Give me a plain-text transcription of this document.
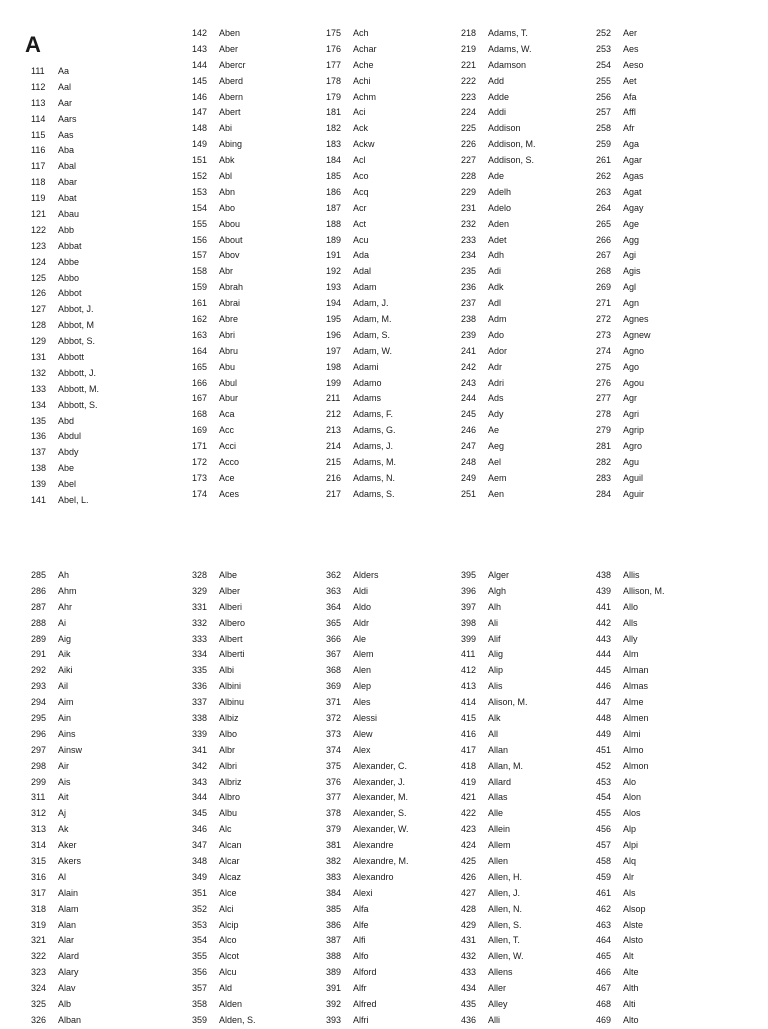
A
111 Aa
112 Aal
113 Aar
114 Aars
115 Aas
116 Aba
117 Abal
118 Abar
119 Abat
121 Abau
122 Abb
123 Abbat
124 Abbe
125 Abbo
126 Abbot
127 Abbot, J.
128 Abbot, M
129 Abbot, S.
131 Abbott
132 Abbott, J.
133 Abbott, M.
134 Abbott, S.
135 Abd
136 Abdul
137 Abdy
138 Abe
139 Abel
141 Abel, L.
142 Aben
143 Aber
144 Abercr
145 Aberd
146 Abern
147 Abert
148 Abi
149 Abing
151 Abk
152 Abl
153 Abn
154 Abo
155 Abou
156 About
157 Abov
158 Abr
159 Abrah
161 Abrai
162 Abre
163 Abri
164 Abru
165 Abu
166 Abul
167 Abur
168 Aca
169 Acc
171 Acci
172 Acco
173 Ace
174 Aces
175 Ach
176 Achar
177 Ache
178 Achi
179 Achm
181 Aci
182 Ack
183 Ackw
184 Acl
185 Aco
186 Acq
187 Acr
188 Act
189 Acu
191 Ada
192 Adal
193 Adam
194 Adam, J.
195 Adam, M.
196 Adam, S.
197 Adam, W.
198 Adami
199 Adamo
211 Adams
212 Adams, F.
213 Adams, G.
214 Adams, J.
215 Adams, M.
216 Adams, N.
217 Adams, S.
218 Adams, T.
219 Adams, W.
221 Adamson
222 Add
223 Adde
224 Addi
225 Addison
226 Addison, M.
227 Addison, S.
228 Ade
229 Adelh
231 Adelo
232 Aden
233 Adet
234 Adh
235 Adi
236 Adk
237 Adl
238 Adm
239 Ado
241 Ador
242 Adr
243 Adri
244 Ads
245 Ady
246 Ae
247 Aeg
248 Ael
249 Aem
251 Aen
252 Aer
253 Aes
254 Aeso
255 Aet
256 Afa
257 Affl
258 Afr
259 Aga
261 Agar
262 Agas
263 Agat
264 Agay
265 Age
266 Agg
267 Agi
268 Agis
269 Agl
271 Agn
272 Agnes
273 Agnew
274 Agno
275 Ago
276 Agou
277 Agr
278 Agri
279 Agrip
281 Agro
282 Agu
283 Aguil
284 Aguir
285 Ah
286 Ahm
287 Ahr
288 Ai
289 Aig
291 Aik
292 Aiki
293 Ail
294 Aim
295 Ain
296 Ains
297 Ainsw
298 Air
299 Ais
311 Ait
312 Aj
313 Ak
314 Aker
315 Akers
316 Al
317 Alain
318 Alam
319 Alan
321 Alar
322 Alard
323 Alary
324 Alav
325 Alb
326 Alban
328 Albe
329 Alber
331 Alberi
332 Albero
333 Albert
334 Alberti
335 Albi
336 Albini
337 Albinu
338 Albiz
339 Albo
341 Albr
342 Albri
343 Albriz
344 Albro
345 Albu
346 Alc
347 Alcan
348 Alcar
349 Alcaz
351 Alce
352 Alci
353 Alcip
354 Alco
355 Alcot
356 Alcu
357 Ald
358 Alden
359 Alden, S.
362 Alders
363 Aldi
364 Aldo
365 Aldr
366 Ale
367 Alem
368 Alen
369 Alep
371 Ales
372 Alessi
373 Alew
374 Alex
375 Alexander, C.
376 Alexander, J.
377 Alexander, M.
378 Alexander, S.
379 Alexander, W.
381 Alexandre
382 Alexandre, M.
383 Alexandro
384 Alexi
385 Alfa
386 Alfe
387 Alfi
388 Alfo
389 Alford
391 Alfr
392 Alfred
393 Alfri
395 Alger
396 Algh
397 Alh
398 Ali
399 Alif
411 Alig
412 Alip
413 Alis
414 Alison, M.
415 Alk
416 All
417 Allan
418 Allan, M.
419 Allard
421 Allas
422 Alle
423 Allein
424 Allem
425 Allen
426 Allen, H.
427 Allen, J.
428 Allen, N.
429 Allen, S.
431 Allen, T.
432 Allen, W.
433 Allens
434 Aller
435 Alley
436 Alli
438 Allis
439 Allison, M.
441 Allo
442 Alls
443 Ally
444 Alm
445 Alman
446 Almas
447 Alme
448 Almen
449 Almi
451 Almo
452 Almon
453 Alo
454 Alon
455 Alos
456 Alp
457 Alpi
458 Alq
459 Alr
461 Als
462 Alsop
463 Alste
464 Alsto
465 Alt
466 Alte
467 Alth
468 Alti
469 Alto
